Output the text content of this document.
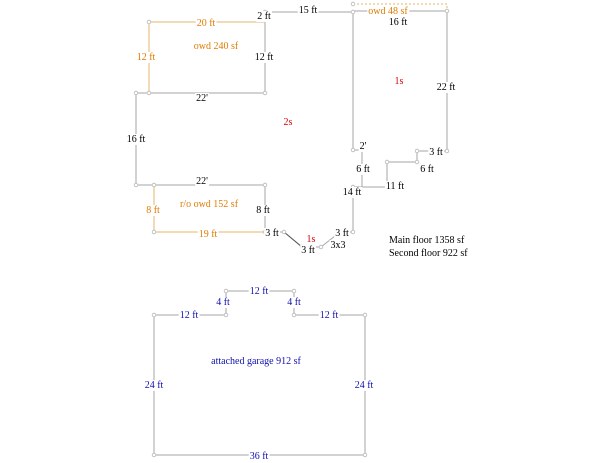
15 ft
2 ft
20 ft
12 ft	12 ft
owd 240 sf
22'
16 ft
2s
22'
8 ft	8 ft
r/o owd 152 sf
19 ft	3 ft
1s
3 ft
3 ft 3x3
owd 48 sf
16 ft
1s
22 ft
3 ft
6 ft
11 ft
6 ft
2'
14 ft
Main floor 1358 sf
Second floor 922 sf
12 ft
4 ft	4 ft
12 ft	12 ft
attached garage 912 sf
24 ft	24 ft
36 ft
